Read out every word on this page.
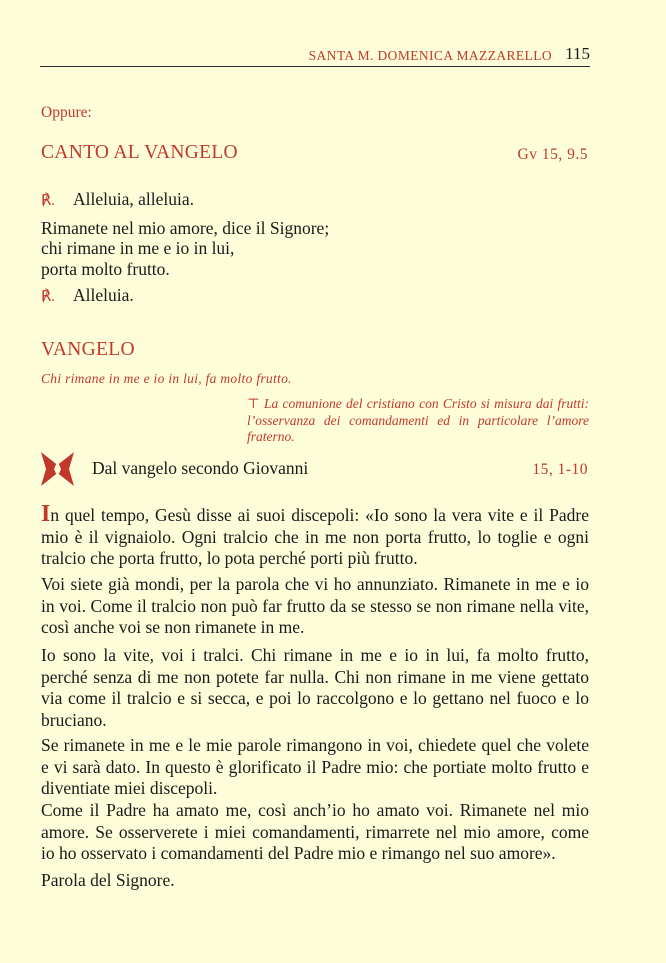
SANTA M. DOMENICA MAZZARELLO 115
Oppure:
CANTO AL VANGELO	Gv 15, 9.5
℟. Alleluia, alleluia.
Rimanete nel mio amore, dice il Signore;
chi rimane in me e io in lui,
porta molto frutto.
℟. Alleluia.
VANGELO
Chi rimane in me e io in lui, fa molto frutto.
⊤ La comunione del cristiano con Cristo si misura dai frutti: l’osservanza dei comandamenti ed in particolare l’amore fraterno.
Dal vangelo secondo Giovanni	15, 1-10

In quel tempo, Gesù disse ai suoi discepoli: «Io sono la vera vite e il Padre mio è il vignaiolo. Ogni tralcio che in me non porta frutto, lo toglie e ogni tralcio che porta frutto, lo pota perché porti più frutto.

Voi siete già mondi, per la parola che vi ho annunziato. Rimanete in me e io in voi. Come il tralcio non può far frutto da se stesso se non rimane nella vite, così anche voi se non rimanete in me.

Io sono la vite, voi i tralci. Chi rimane in me e io in lui, fa molto frutto, perché senza di me non potete far nulla. Chi non rimane in me viene gettato via come il tralcio e si secca, e poi lo raccolgono e lo gettano nel fuoco e lo bruciano.

Se rimanete in me e le mie parole rimangono in voi, chiedete quel che volete e vi sarà dato. In questo è glorificato il Padre mio: che portiate molto frutto e diventiate miei discepoli.

Come il Padre ha amato me, così anch’io ho amato voi. Rimanete nel mio amore. Se osserverete i miei comandamenti, rimarrete nel mio amore, come io ho osservato i comandamenti del Padre mio e rimango nel suo amore».

Parola del Signore.
